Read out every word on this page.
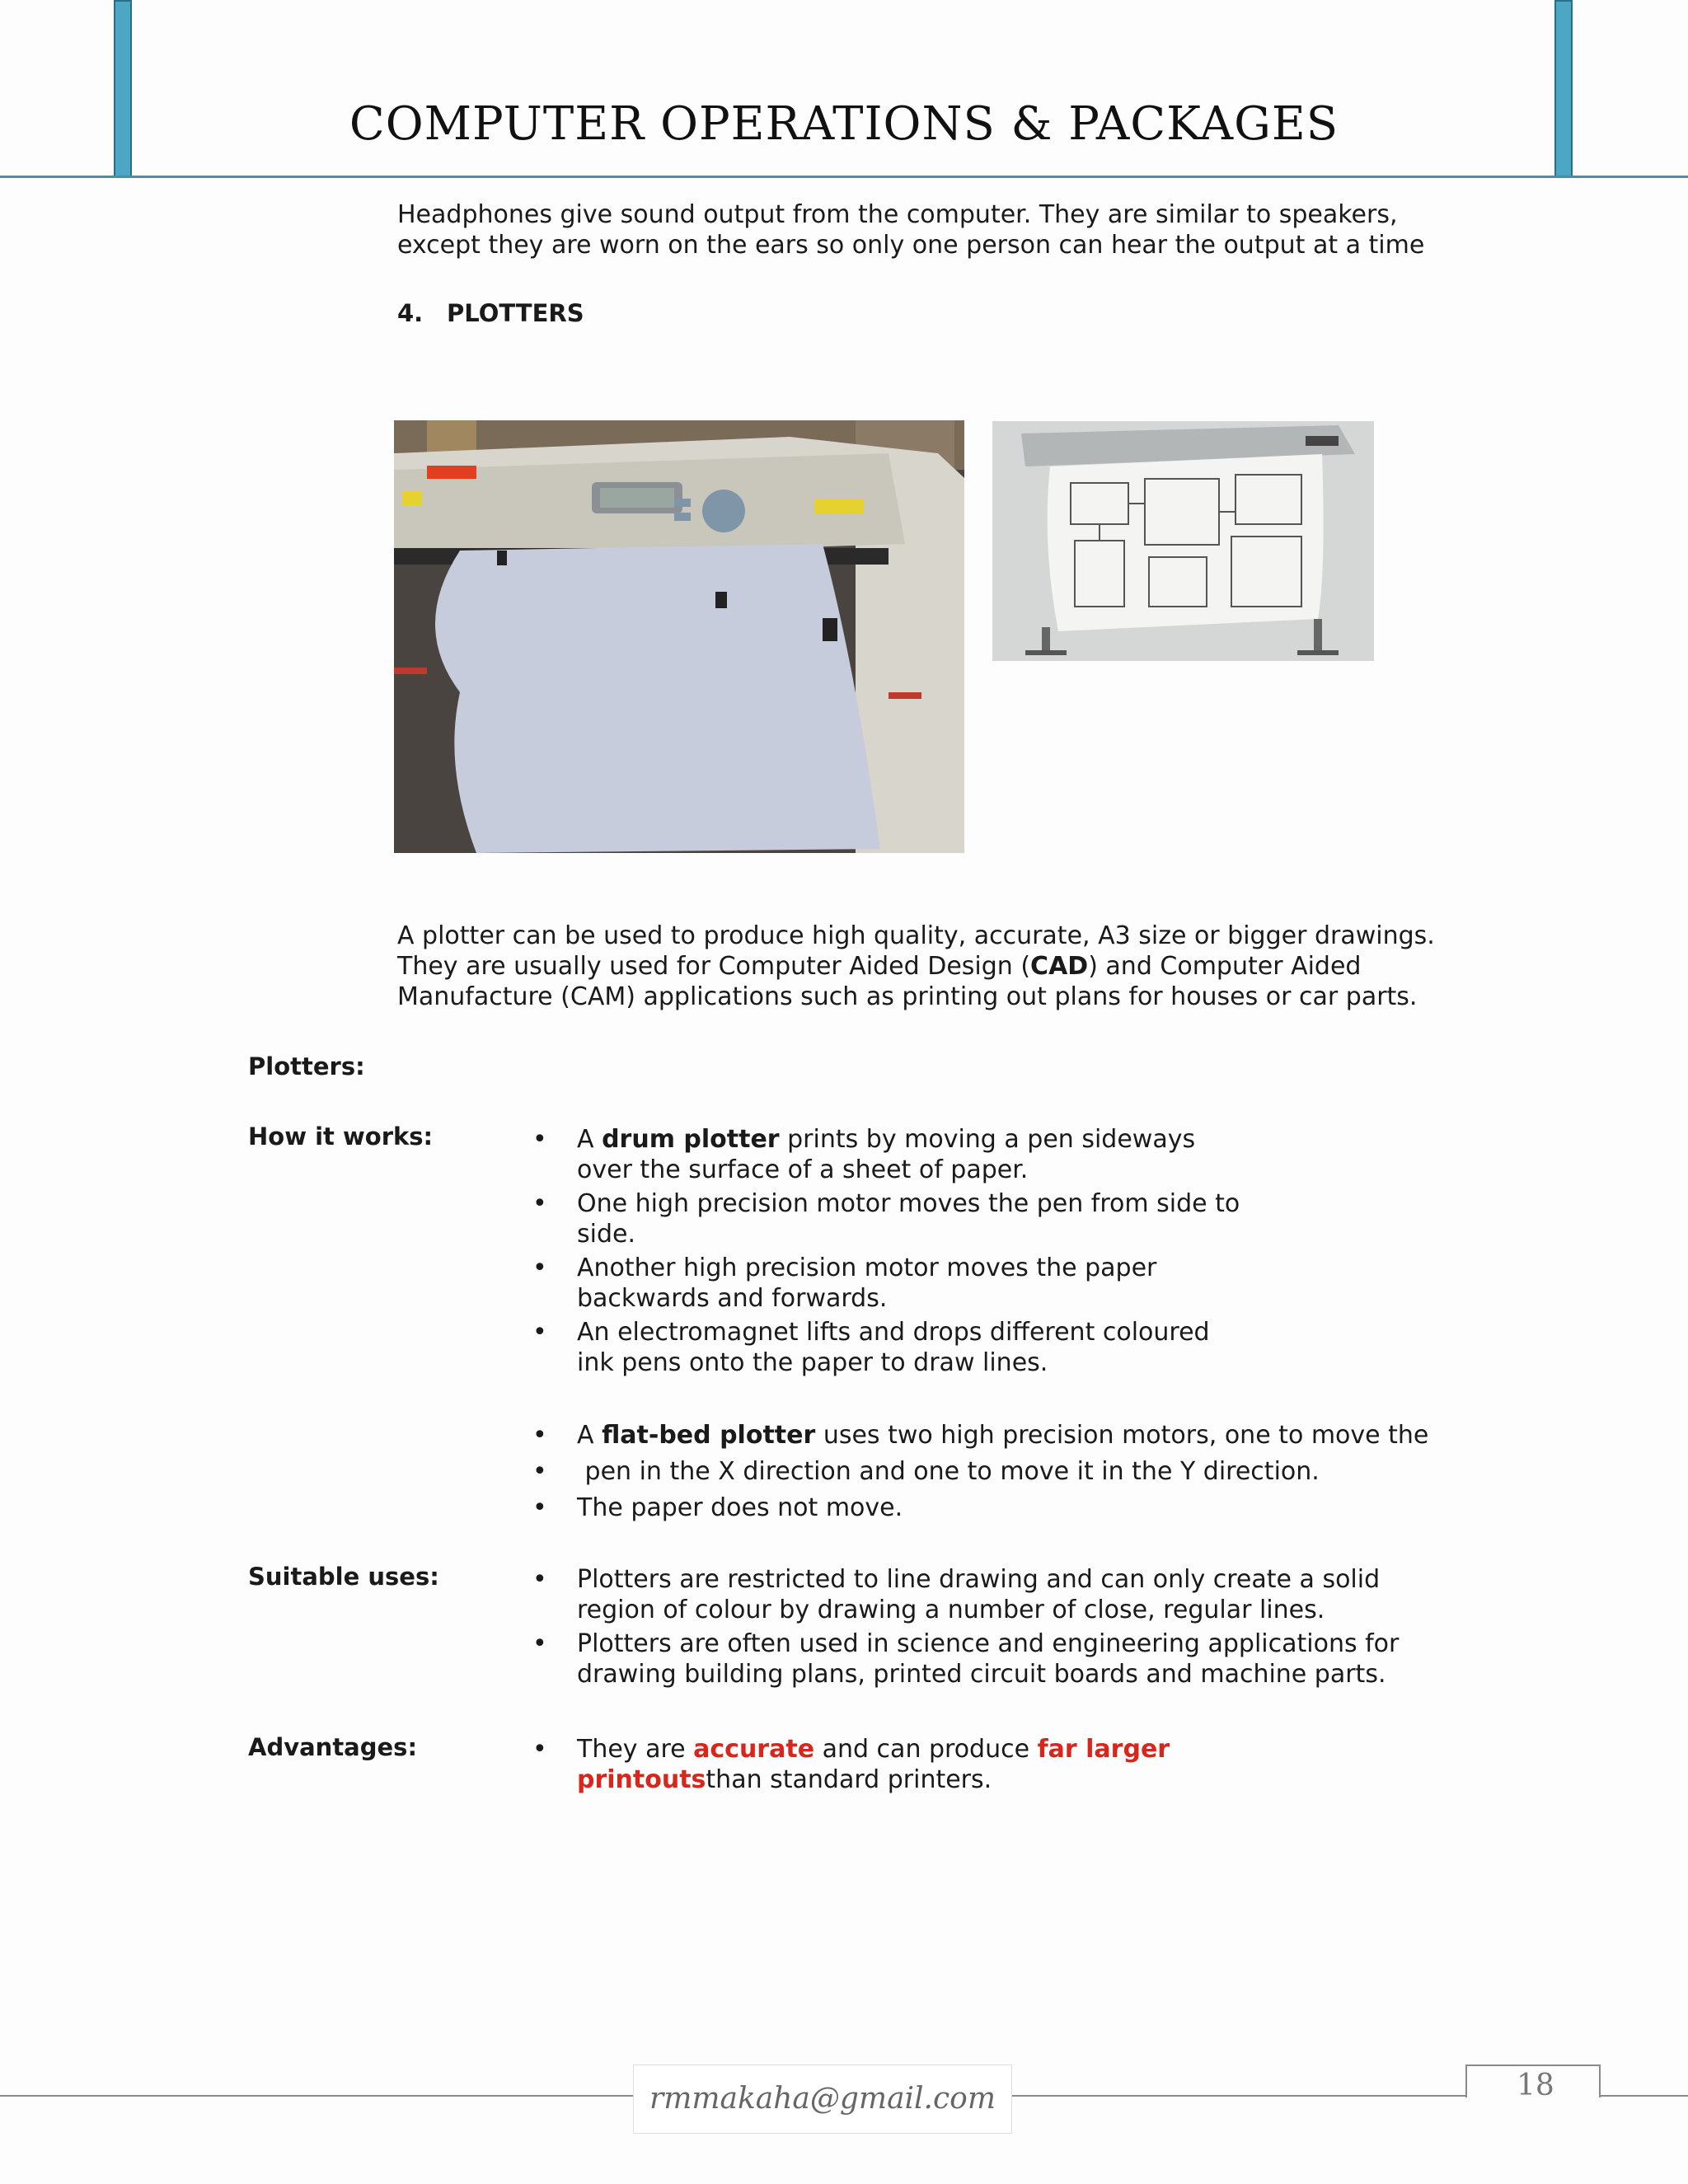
COMPUTER OPERATIONS & PACKAGES
Headphones give sound output from the computer. They are similar to speakers, except they are worn on the ears so only one person can hear the output at a time
4. PLOTTERS
A plotter can be used to produce high quality, accurate, A3 size or bigger drawings. They are usually used for Computer Aided Design (CAD) and Computer Aided Manufacture (CAM) applications such as printing out plans for houses or car parts.
Plotters:
How it works:	• A drum plotter prints by moving a pen sideways over the surface of a sheet of paper.
• One high precision motor moves the pen from side to side.
• Another high precision motor moves the paper backwards and forwards.
• An electromagnet lifts and drops different coloured ink pens onto the paper to draw lines.
• A flat-bed plotter uses two high precision motors, one to move the
• pen in the X direction and one to move it in the Y direction.
• The paper does not move.
Suitable uses:	• Plotters are restricted to line drawing and can only create a solid region of colour by drawing a number of close, regular lines.
• Plotters are often used in science and engineering applications for drawing building plans, printed circuit boards and machine parts.
Advantages:	• They are accurate and can produce far larger printoutsthan standard printers.
rmmakaha@gmail.com	18
